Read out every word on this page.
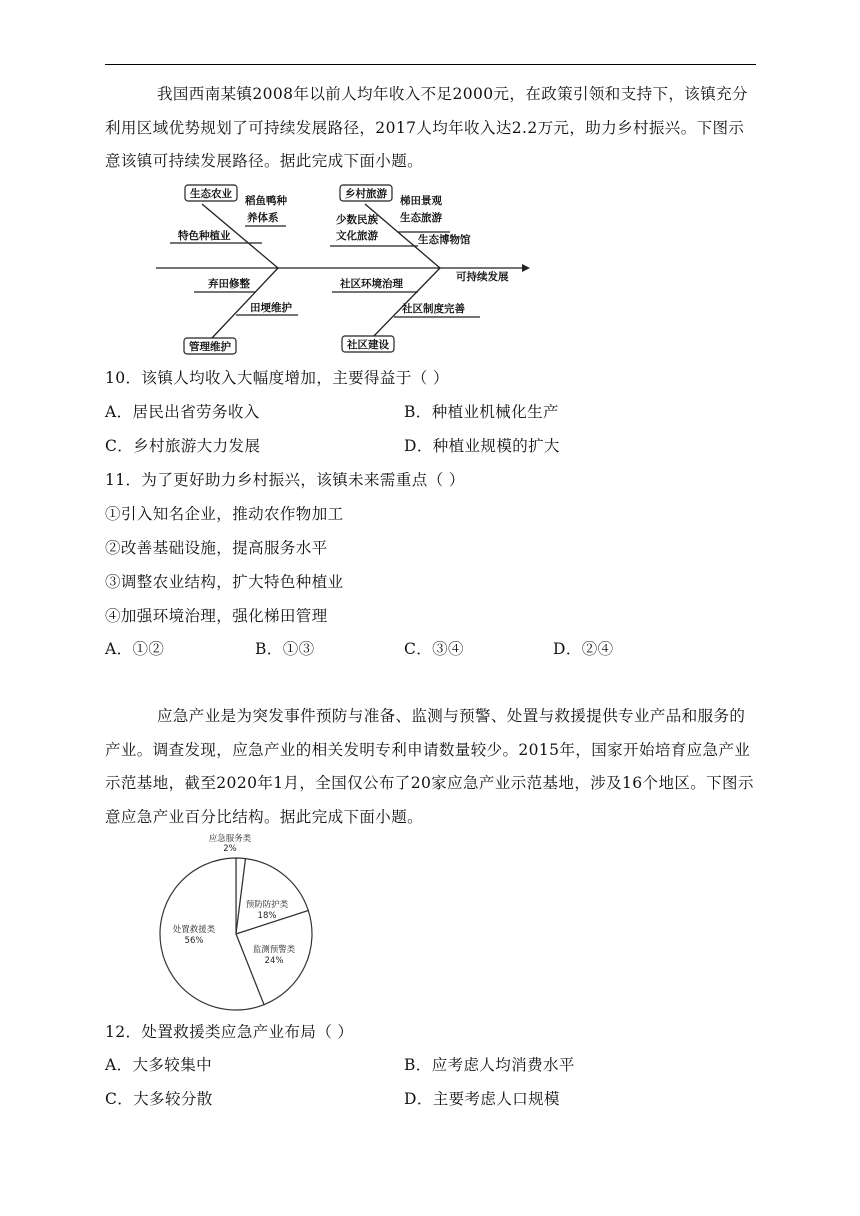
我国西南某镇2008年以前人均年收入不足2000元，在政策引领和支持下，该镇充分利用区域优势规划了可持续发展路径，2017人均年收入达2.2万元，助力乡村振兴。下图示意该镇可持续发展路径。据此完成下面小题。
生态农业	乡村旅游
管理维护	社区建设
稻鱼鸭种
养体系
特色种植业
梯田景观
生态旅游
少数民族
文化旅游	生态博物馆
可持续发展
弃田修整
田埂维护
社区环境治理
社区制度完善
10．该镇人均收入大幅度增加，主要得益于（ ）
A．居民出省劳务收入	B．种植业机械化生产
C．乡村旅游大力发展	D．种植业规模的扩大
11．为了更好助力乡村振兴，该镇未来需重点（ ）
①引入知名企业，推动农作物加工
②改善基础设施，提高服务水平
③调整农业结构，扩大特色种植业
④加强环境治理，强化梯田管理
A．①②	B．①③	C．③④	D．②④
应急产业是为突发事件预防与准备、监测与预警、处置与救援提供专业产品和服务的产业。调查发现，应急产业的相关发明专利申请数量较少。2015年，国家开始培育应急产业示范基地，截至2020年1月，全国仅公布了20家应急产业示范基地，涉及16个地区。下图示意应急产业百分比结构。据此完成下面小题。
应急服务类
2%
预防防护类
18%
监测预警类
24%
处置救援类
56%
12．处置救援类应急产业布局（ ）
A．大多较集中	B．应考虑人均消费水平
C．大多较分散	D．主要考虑人口规模
